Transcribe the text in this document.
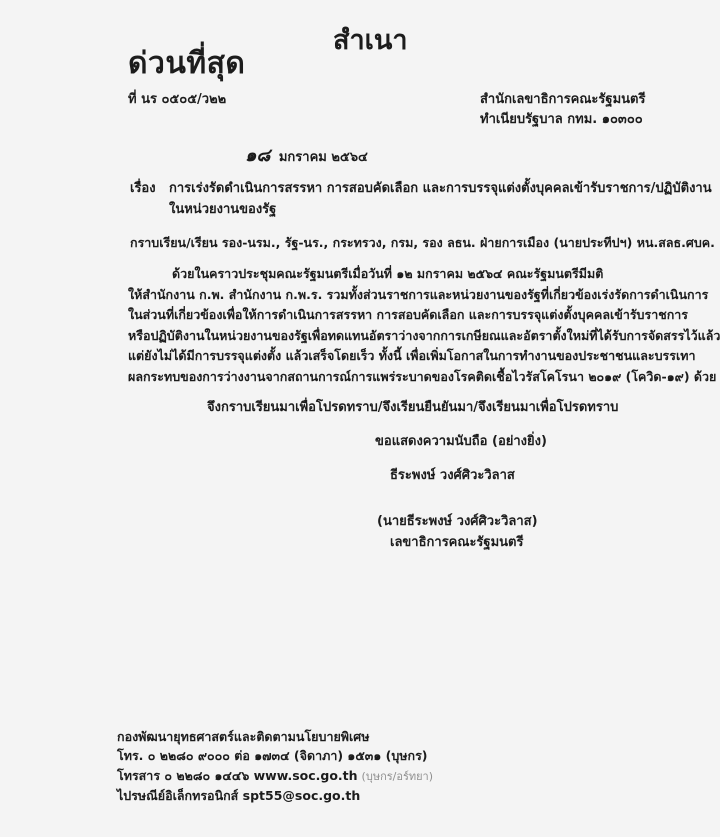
ด่วนที่สุด
สำเนา
ที่ นร ๐๕๐๕/ว๒๒	สำนักเลขาธิการคณะรัฐมนตรี
ทำเนียบรัฐบาล กทม. ๑๐๓๐๐
๑๘ มกราคม ๒๕๖๔
เรื่อง การเร่งรัดดำเนินการสรรหา การสอบคัดเลือก และการบรรจุแต่งตั้งบุคคลเข้ารับราชการ/ปฏิบัติงาน
ในหน่วยงานของรัฐ
กราบเรียน/เรียน รอง-นรม., รัฐ-นร., กระทรวง, กรม, รอง ลธน. ฝ่ายการเมือง (นายประทีปฯ) หน.สลธ.ศบค.
ด้วยในคราวประชุมคณะรัฐมนตรีเมื่อวันที่ ๑๒ มกราคม ๒๕๖๔ คณะรัฐมนตรีมีมติ
ให้สำนักงาน ก.พ. สำนักงาน ก.พ.ร. รวมทั้งส่วนราชการและหน่วยงานของรัฐที่เกี่ยวข้องเร่งรัดการดำเนินการ
ในส่วนที่เกี่ยวข้องเพื่อให้การดำเนินการสรรหา การสอบคัดเลือก และการบรรจุแต่งตั้งบุคคลเข้ารับราชการ
หรือปฏิบัติงานในหน่วยงานของรัฐเพื่อทดแทนอัตราว่างจากการเกษียณและอัตราตั้งใหม่ที่ได้รับการจัดสรรไว้แล้ว
แต่ยังไม่ได้มีการบรรจุแต่งตั้ง แล้วเสร็จโดยเร็ว ทั้งนี้ เพื่อเพิ่มโอกาสในการทำงานของประชาชนและบรรเทา
ผลกระทบของการว่างงานจากสถานการณ์การแพร่ระบาดของโรคติดเชื้อไวรัสโคโรนา ๒๐๑๙ (โควิด-๑๙) ด้วย
จึงกราบเรียนมาเพื่อโปรดทราบ/จึงเรียนยืนยันมา/จึงเรียนมาเพื่อโปรดทราบ
ขอแสดงความนับถือ (อย่างยิ่ง)
ธีระพงษ์ วงศ์ศิวะวิลาส
(นายธีระพงษ์ วงศ์ศิวะวิลาส)
เลขาธิการคณะรัฐมนตรี
กองพัฒนายุทธศาสตร์และติดตามนโยบายพิเศษ
โทร. ๐ ๒๒๘๐ ๙๐๐๐ ต่อ ๑๗๓๔ (จิดาภา) ๑๕๓๑ (บุษกร)
โทรสาร ๐ ๒๒๘๐ ๑๔๔๖ www.soc.go.th (บุษกร/อร์ทยา)
ไปรษณีย์อิเล็กทรอนิกส์ spt55@soc.go.th
